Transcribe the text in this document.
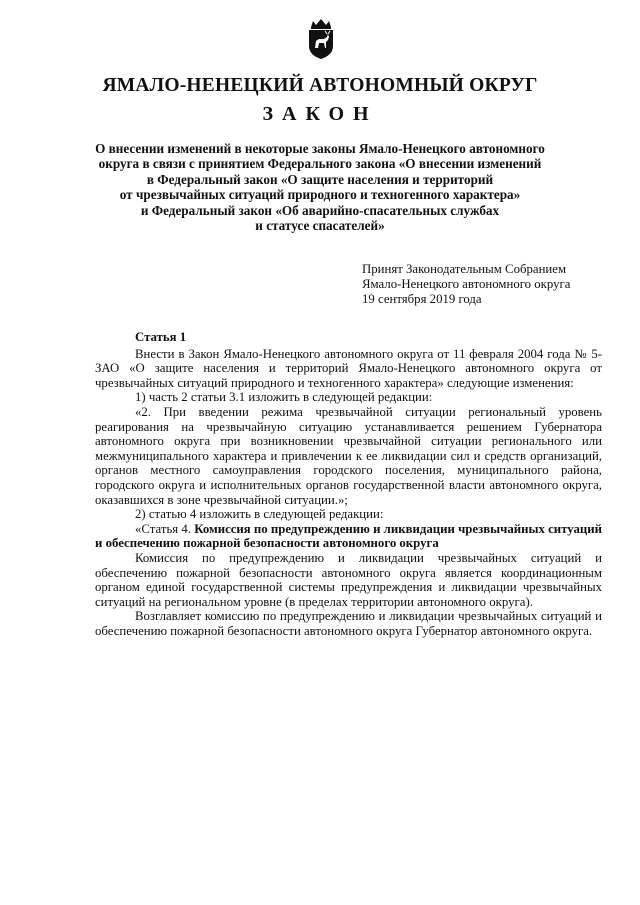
ЯМАЛО-НЕНЕЦКИЙ АВТОНОМНЫЙ ОКРУГ
ЗАКОН
О внесении изменений в некоторые законы Ямало-Ненецкого автономного
округа в связи с принятием Федерального закона «О внесении изменений
в Федеральный закон «О защите населения и территорий
от чрезвычайных ситуаций природного и техногенного характера»
и Федеральный закон «Об аварийно-спасательных службах
и статусе спасателей»
Принят Законодательным Собранием
Ямало-Ненецкого автономного округа
19 сентября 2019 года
Статья 1
Внести в Закон Ямало-Ненецкого автономного округа от 11 февраля 2004 года № 5-ЗАО «О защите населения и территорий Ямало-Ненецкого автономного округа от чрезвычайных ситуаций природного и техногенного характера» следующие изменения:
1) часть 2 статьи 3.1 изложить в следующей редакции:
«2. При введении режима чрезвычайной ситуации региональный уровень реагирования на чрезвычайную ситуацию устанавливается решением Губернатора автономного округа при возникновении чрезвычайной ситуации регионального или межмуниципального характера и привлечении к ее ликвидации сил и средств организаций, органов местного самоуправления городского поселения, муниципального района, городского округа и исполнительных органов государственной власти автономного округа, оказавшихся в зоне чрезвычайной ситуации.»;
2) статью 4 изложить в следующей редакции:
«Статья 4. Комиссия по предупреждению и ликвидации чрезвычайных ситуаций и обеспечению пожарной безопасности автономного округа
Комиссия по предупреждению и ликвидации чрезвычайных ситуаций и обеспечению пожарной безопасности автономного округа является координационным органом единой государственной системы предупреждения и ликвидации чрезвычайных ситуаций на региональном уровне (в пределах территории автономного округа).
Возглавляет комиссию по предупреждению и ликвидации чрезвычайных ситуаций и обеспечению пожарной безопасности автономного округа Губернатор автономного округа.
